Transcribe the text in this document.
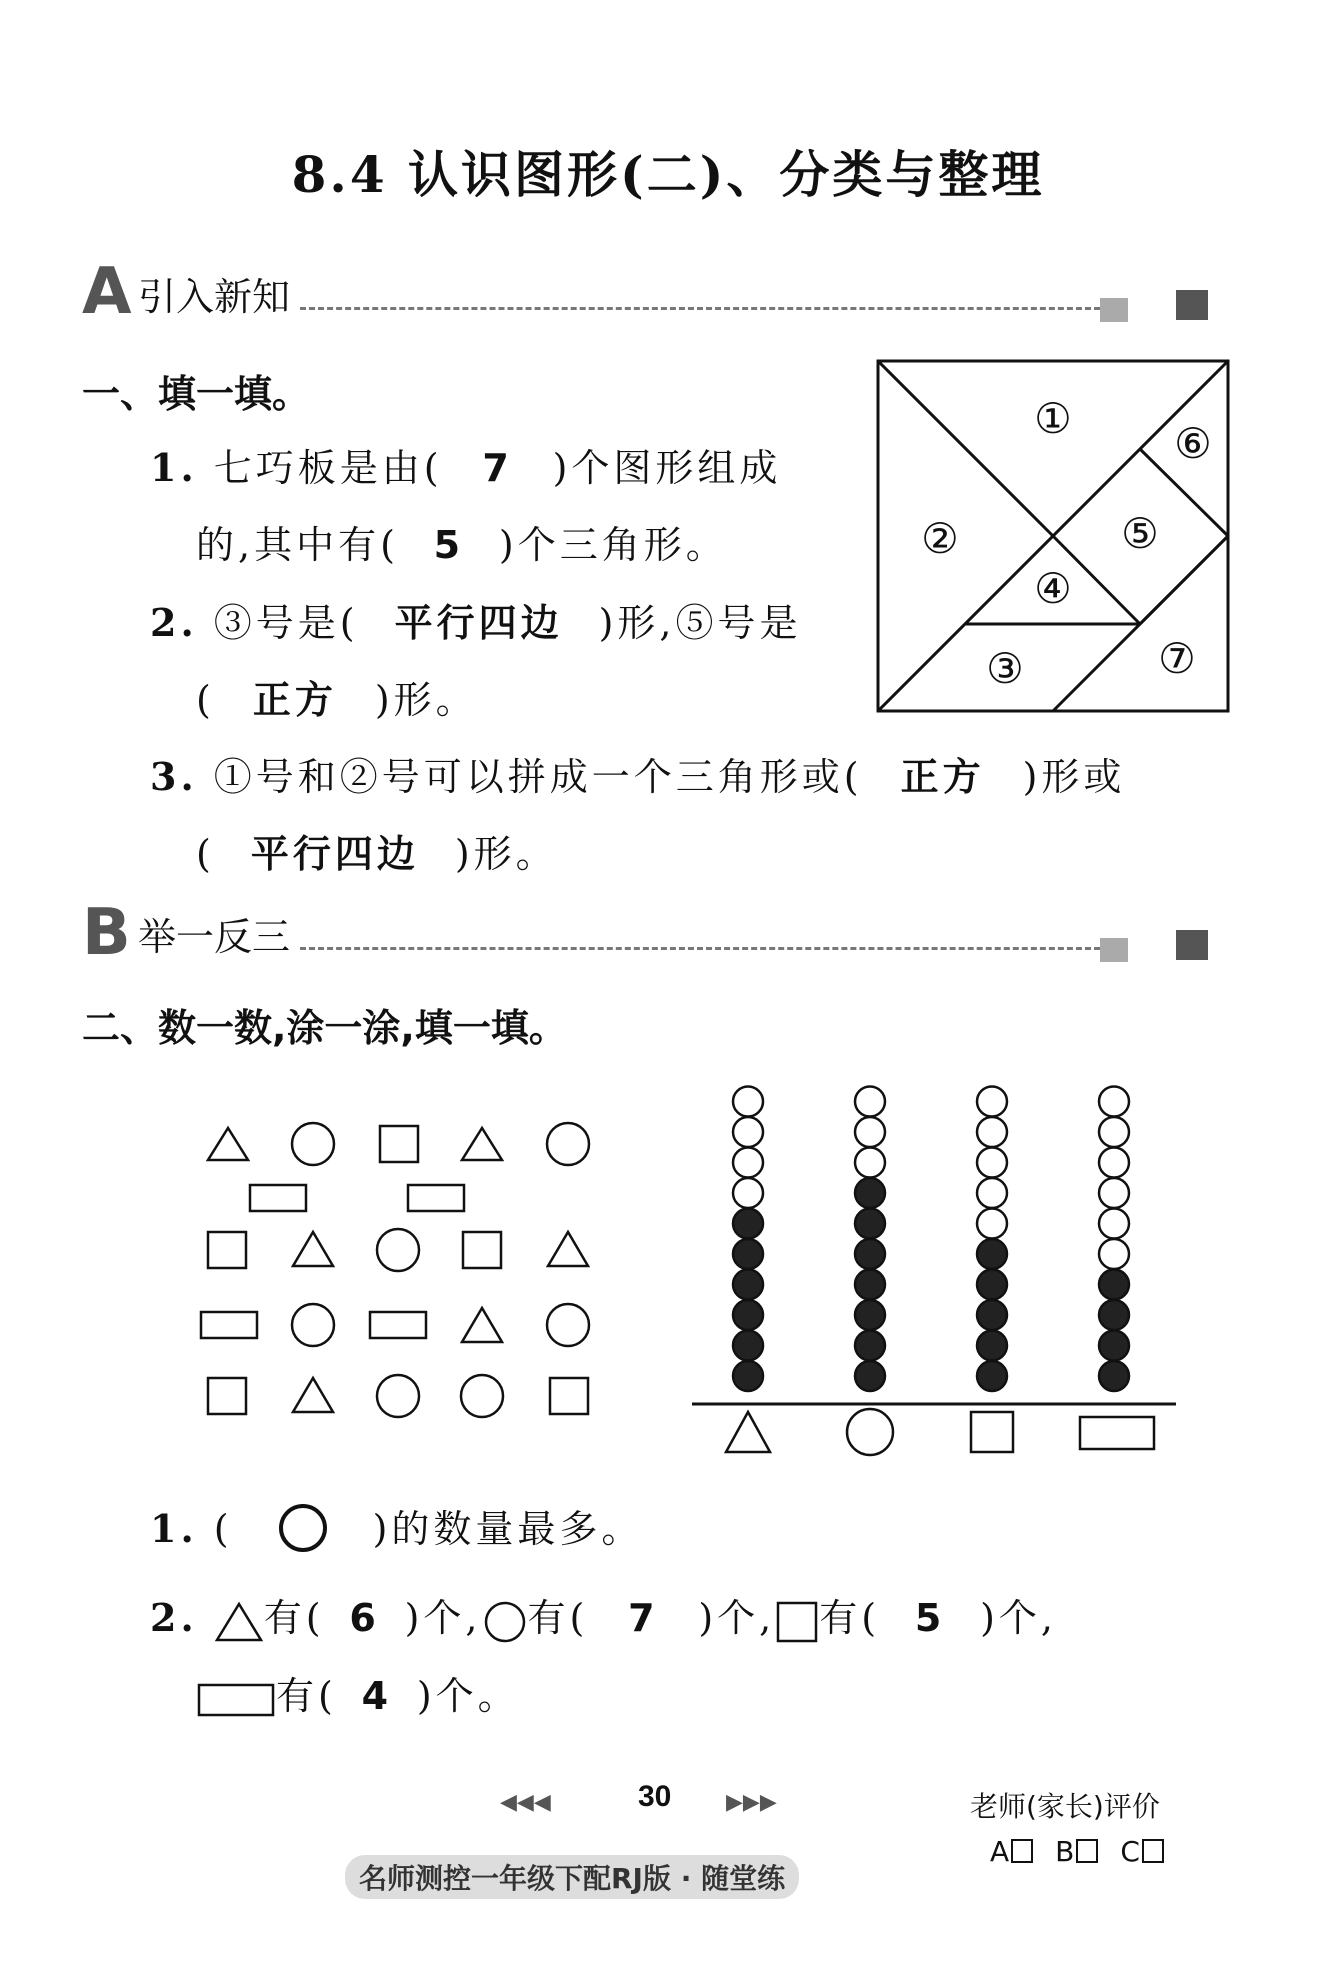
8.4 认识图形(二)、分类与整理
A 引入新知
一、填一填。
1. 七巧板是由( 7 )个图形组成
的,其中有( 5 )个三角形。
2. ③号是( 平行四边 )形,⑤号是
( 正方 )形。
3. ①号和②号可以拼成一个三角形或( 正方 )形或
( 平行四边 )形。
①
②
③
④
⑤
⑥
⑦
B 举一反三
二、数一数,涂一涂,填一填。
1. (	)的数量最多。
2. 有( 6 )个, 有( 7 )个, 有( 5 )个,
有( 4 )个。
◀◀◀	30 ▶▶▶	老师(家长)评价
A B C
名师测控一年级下配RJ版 · 随堂练
